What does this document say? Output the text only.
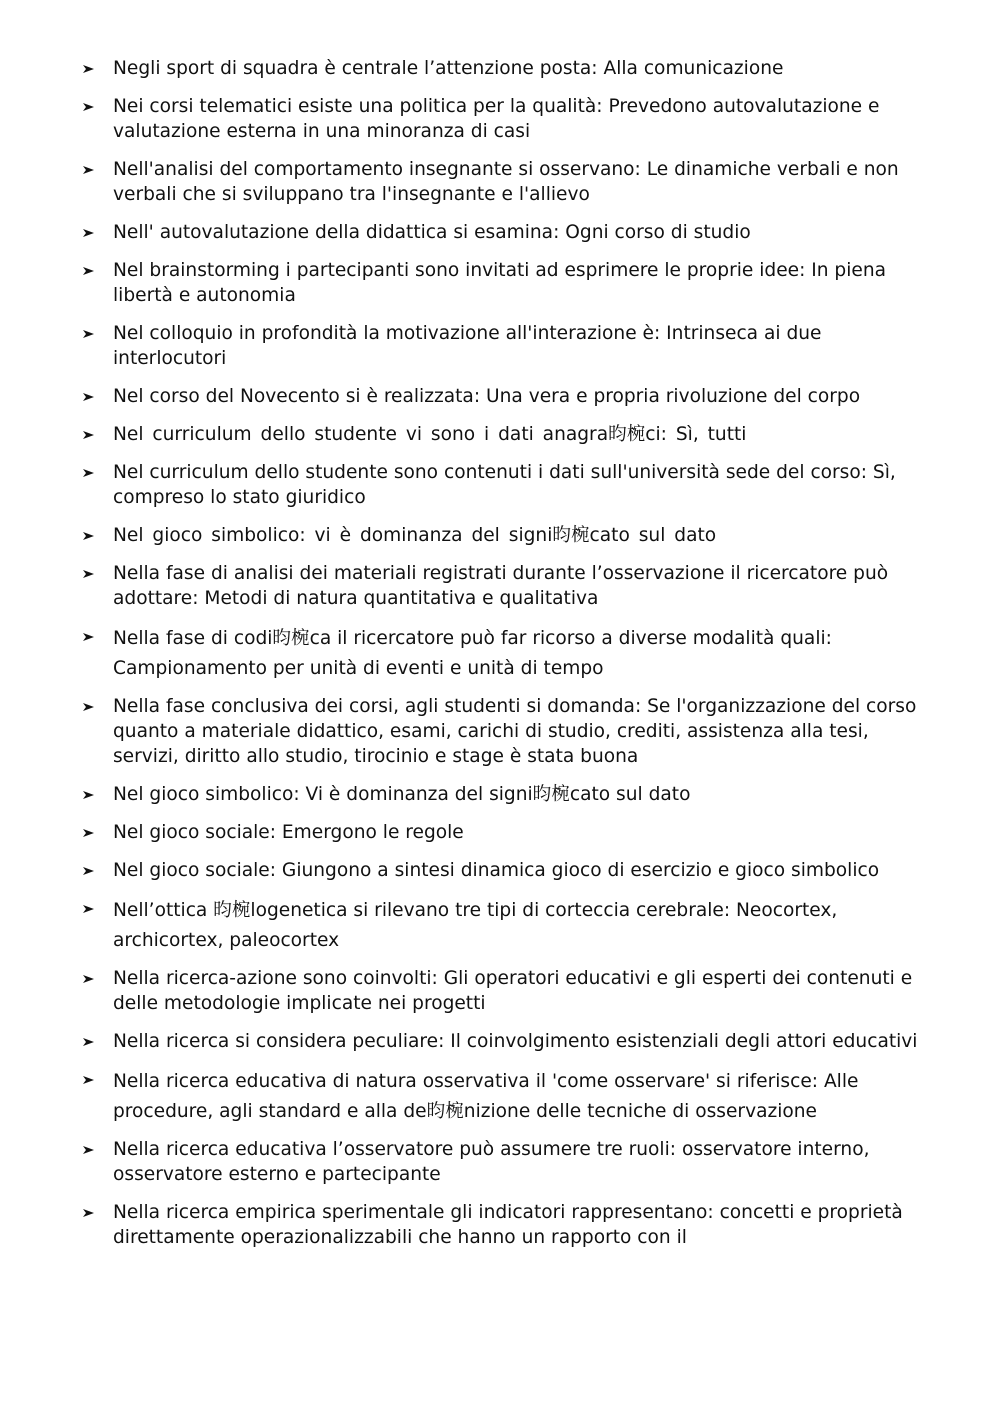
Negli sport di squadra è centrale l’attenzione posta: Alla comunicazione
Nei corsi telematici esiste una politica per la qualità: Prevedono autovalutazione e valutazione esterna in una minoranza di casi
Nell'analisi del comportamento insegnante si osservano: Le dinamiche verbali e non verbali che si sviluppano tra l'insegnante e l'allievo
Nell' autovalutazione della didattica si esamina: Ogni corso di studio
Nel brainstorming i partecipanti sono invitati ad esprimere le proprie idee: In piena libertà e autonomia
Nel colloquio in profondità la motivazione all'interazione è: Intrinseca ai due interlocutori
Nel corso del Novecento si è realizzata: Una vera e propria rivoluzione del corpo
Nel curriculum dello studente vi sono i dati anagra昀椀ci: Sì, tutti
Nel curriculum dello studente sono contenuti i dati sull'università sede del corso: Sì, compreso lo stato giuridico
Nel gioco simbolico: vi è dominanza del signi昀椀cato sul dato
Nella fase di analisi dei materiali registrati durante l’osservazione il ricercatore può adottare: Metodi di natura quantitativa e qualitativa
Nella fase di codi昀椀ca il ricercatore può far ricorso a diverse modalità quali: Campionamento per unità di eventi e unità di tempo
Nella fase conclusiva dei corsi, agli studenti si domanda: Se l'organizzazione del corso quanto a materiale didattico, esami, carichi di studio, crediti, assistenza alla tesi, servizi, diritto allo studio, tirocinio e stage è stata buona
Nel gioco simbolico: Vi è dominanza del signi昀椀cato sul dato
Nel gioco sociale: Emergono le regole
Nel gioco sociale: Giungono a sintesi dinamica gioco di esercizio e gioco simbolico
Nell’ottica 昀椀logenetica si rilevano tre tipi di corteccia cerebrale: Neocortex, archicortex, paleocortex
Nella ricerca-azione sono coinvolti: Gli operatori educativi e gli esperti dei contenuti e delle metodologie implicate nei progetti
Nella ricerca si considera peculiare: Il coinvolgimento esistenziali degli attori educativi
Nella ricerca educativa di natura osservativa il 'come osservare' si riferisce: Alle procedure, agli standard e alla de昀椀nizione delle tecniche di osservazione
Nella ricerca educativa l’osservatore può assumere tre ruoli: osservatore interno, osservatore esterno e partecipante
Nella ricerca empirica sperimentale gli indicatori rappresentano: concetti e proprietà direttamente operazionalizzabili che hanno un rapporto con il
